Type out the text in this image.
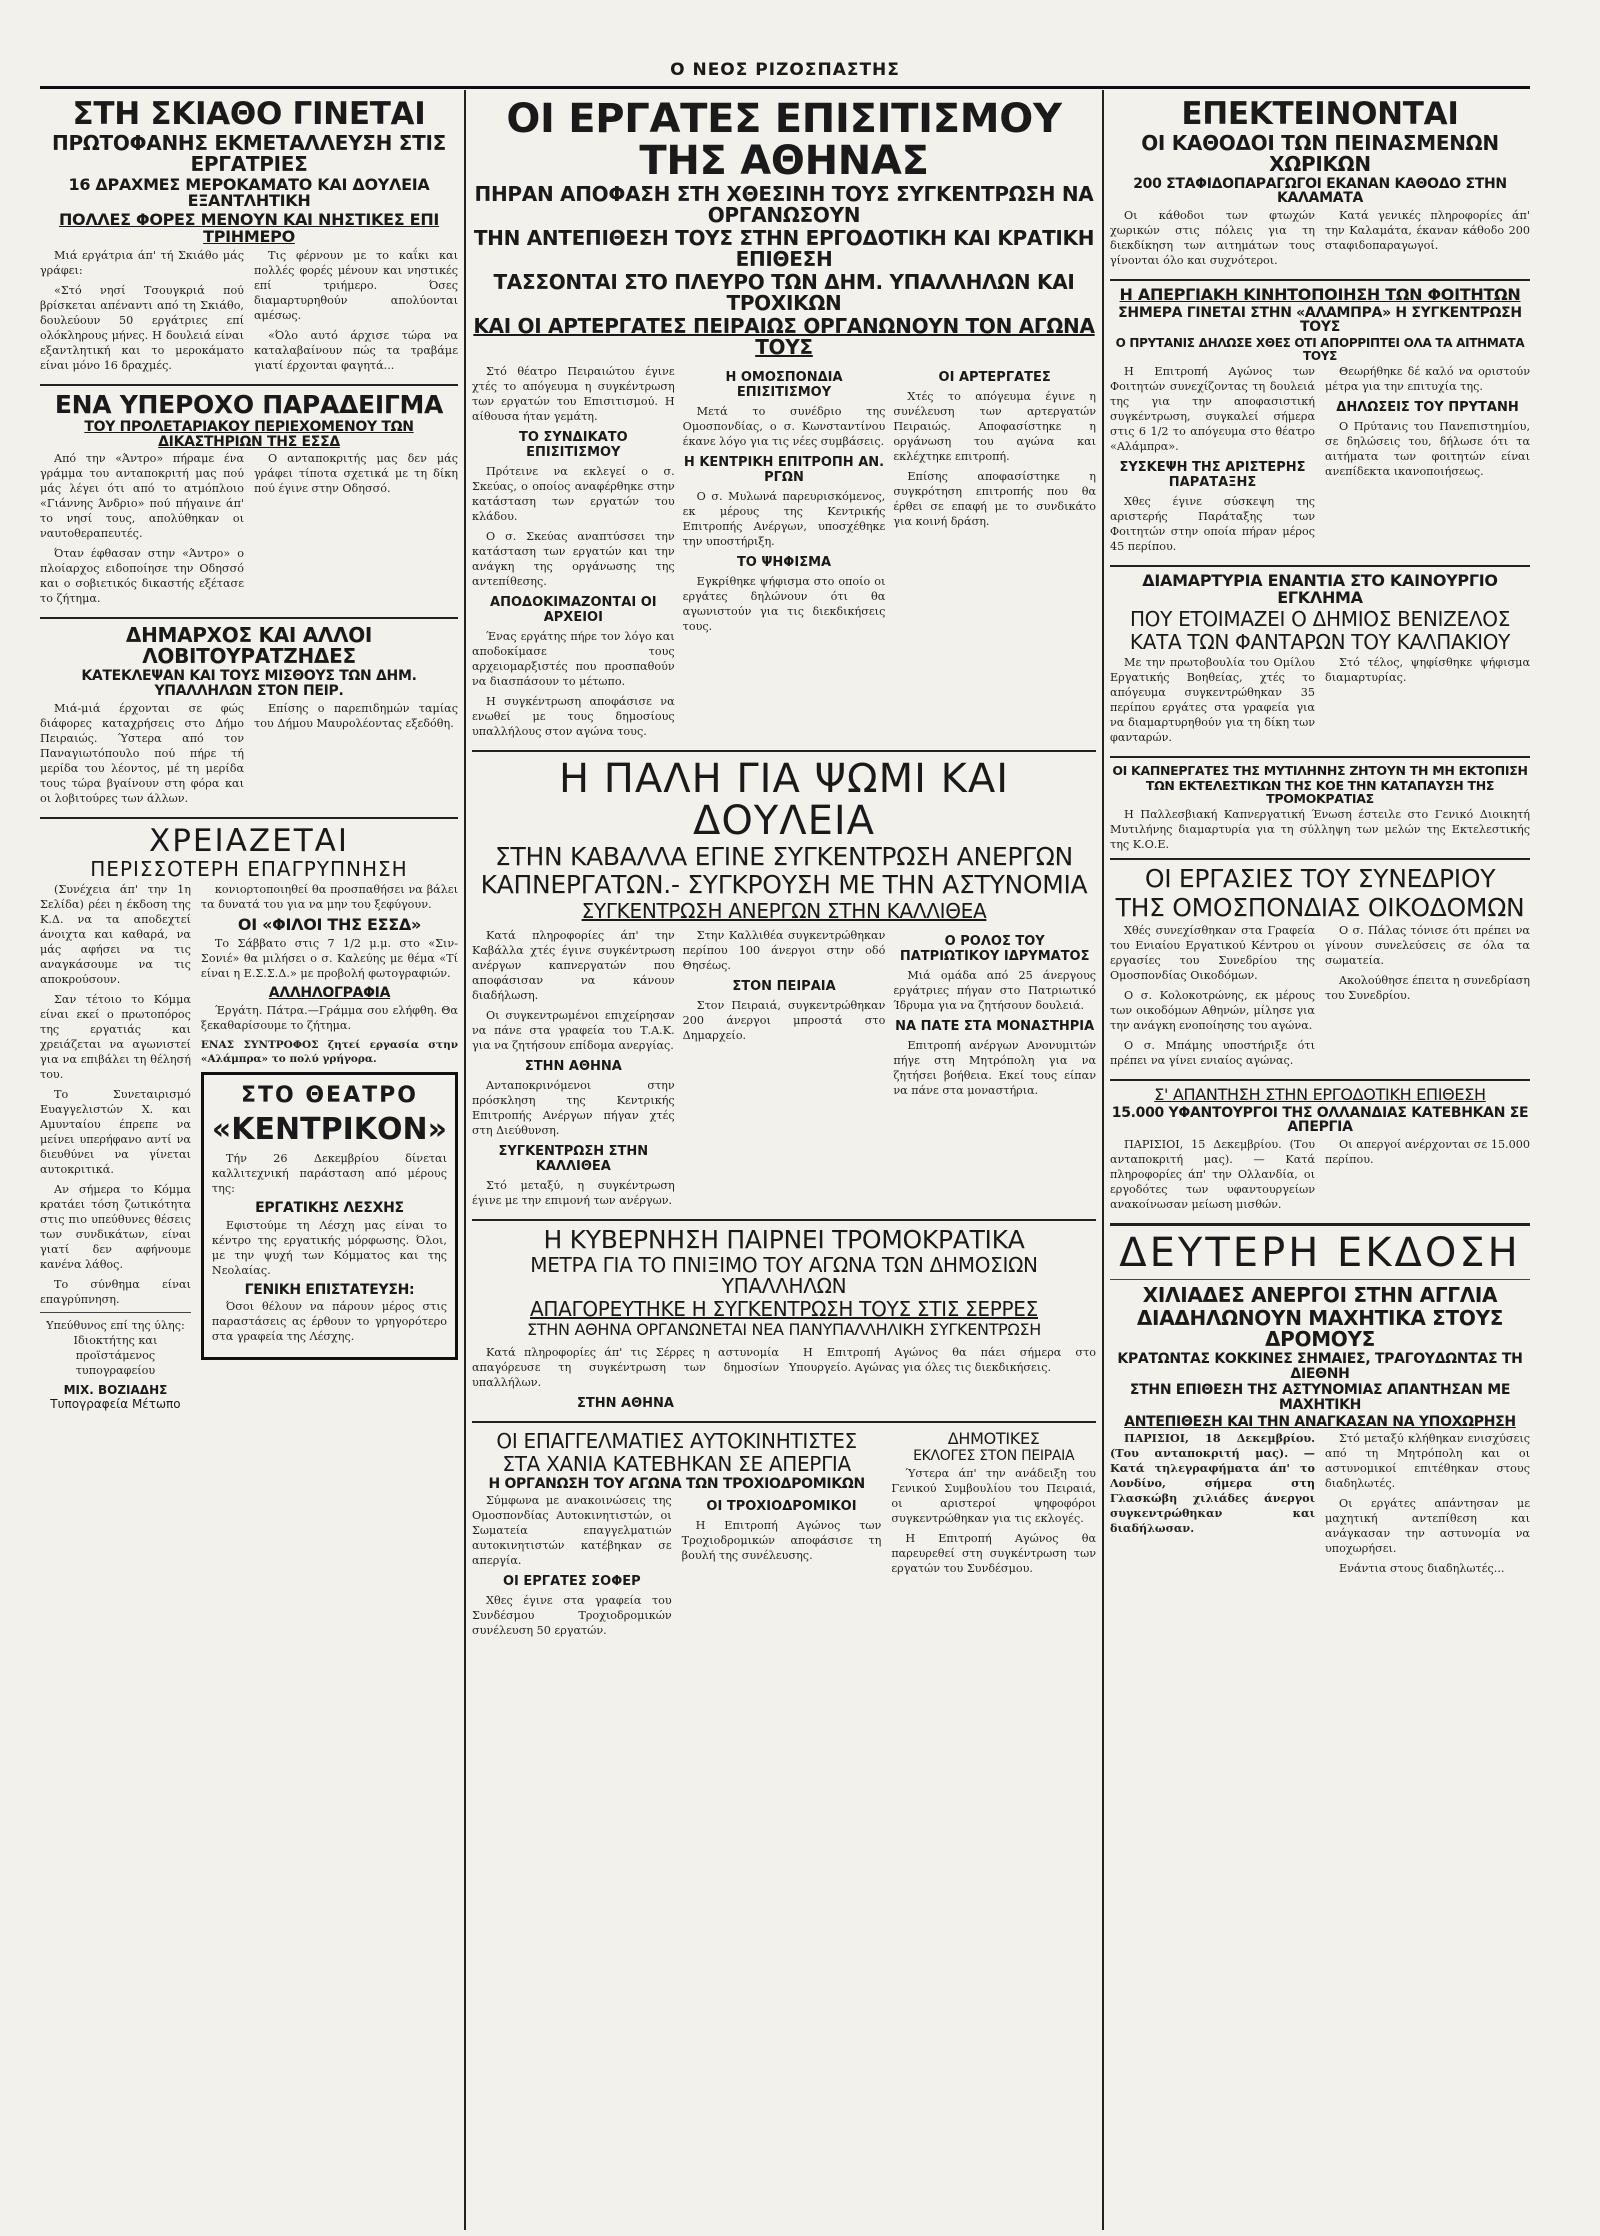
Ο ΝΕΟΣ ΡΙΖΟΣΠΑΣΤΗΣ
ΣΤΗ ΣΚΙΑΘΟ ΓΙΝΕΤΑΙ
ΠΡΩΤΟΦΑΝΗΣ ΕΚΜΕΤΑΛΛΕΥΣΗ ΣΤΙΣ ΕΡΓΑΤΡΙΕΣ
16 ΔΡΑΧΜΕΣ ΜΕΡΟΚΑΜΑΤΟ ΚΑΙ ΔΟΥΛΕΙΑ ΕΞΑΝΤΛΗΤΙΚΗ
ΠΟΛΛΕΣ ΦΟΡΕΣ ΜΕΝΟΥΝ ΚΑΙ ΝΗΣΤΙΚΕΣ ΕΠΙ ΤΡΙΗΜΕΡΟ

Μιά εργάτρια άπ' τή Σκιάθο μάς γράφει:

«Στό νησί Τσουγκριά πού βρίσκεται απέναντι από τη Σκιάθο, δουλεύουν 50 εργάτριες επί ολόκληρους μήνες. Η δουλειά είναι εξαντλητική και το μεροκάματο είναι μόνο 16 δραχμές.

Τις φέρνουν με το καΐκι και πολλές φορές μένουν και νηστικές επί τριήμερο. Όσες διαμαρτυρηθούν απολύονται αμέσως.

«Όλο αυτό άρχισε τώρα να καταλαβαίνουν πώς τα τραβάμε γιατί έρχονται φαγητά...

ΕΝΑ ΥΠΕΡΟΧΟ ΠΑΡΑΔΕΙΓΜΑ
ΤΟΥ ΠΡΟΛΕΤΑΡΙΑΚΟΥ ΠΕΡΙΕΧΟΜΕΝΟΥ ΤΩΝ ΔΙΚΑΣΤΗΡΙΩΝ ΤΗΣ ΕΣΣΔ

Από την «Άντρο» πήραμε ένα γράμμα του ανταποκριτή μας πού μάς λέγει ότι από το ατμόπλοιο «Γιάννης Άνδριο» πού πήγαινε άπ' το νησί τους, απολύθηκαν οι ναυτοθεραπευτές.

Όταν έφθασαν στην «Άντρο» ο πλοίαρχος ειδοποίησε την Οδησσό και ο σοβιετικός δικαστής εξέτασε το ζήτημα.

Ο ανταποκριτής μας δεν μάς γράφει τίποτα σχετικά με τη δίκη πού έγινε στην Οδησσό.

ΔΗΜΑΡΧΟΣ ΚΑΙ ΑΛΛΟΙ ΛΟΒΙΤΟΥΡΑΤΖΗΔΕΣ
ΚΑΤΕΚΛΕΨΑΝ ΚΑΙ ΤΟΥΣ ΜΙΣΘΟΥΣ ΤΩΝ ΔΗΜ. ΥΠΑΛΛΗΛΩΝ ΣΤΟΝ ΠΕΙΡ.

Μιά-μιά έρχονται σε φώς διάφορες καταχρήσεις στο Δήμο Πειραιώς. Ύστερα από τον Παναγιωτόπουλο πού πήρε τή μερίδα του λέοντος, μέ τη μερίδα τους τώρα βγαίνουν στη φόρα και οι λοβιτούρες των άλλων.

Επίσης ο παρεπιδημών ταμίας του Δήμου Μαυρολέοντας εξεδόθη.

ΧΡΕΙΑΖΕΤΑΙ
ΠΕΡΙΣΣΟΤΕΡΗ ΕΠΑΓΡΥΠΝΗΣΗ

(Συνέχεια άπ' την 1η Σελίδα) ρέει η έκδοση της Κ.Δ. να τα αποδεχτεί άνοιχτα και καθαρά, να μάς αφήσει να τις αναγκάσουμε να τις αποκρούσουν.

Σαν τέτοιο το Κόμμα είναι εκεί ο πρωτοπόρος της εργατιάς και χρειάζεται να αγωνιστεί για να επιβάλει τη θέλησή του.

Το Συνεταιρισμό Ευαγγελιστών Χ. και Αμυνταίου έπρεπε να μείνει υπερήφανο αντί να διευθύνει να γίνεται αυτοκριτικά.

Αν σήμερα το Κόμμα κρατάει τόση ζωτικότητα στις πιο υπεύθυνες θέσεις των συνδικάτων, είναι γιατί δεν αφήνουμε κανένα λάθος.

Το σύνθημα είναι επαγρύπνηση.

Υπεύθυνος επί της ύλης: Ιδιοκτήτης και προϊστάμενος τυπογραφείου

ΜΙΧ. ΒΟΖΙΑΔΗΣ
Τυπογραφεία Μέτωπο

κονιορτοποιηθεί θα προσπαθήσει να βάλει τα δυνατά του για να μην του ξεφύγουν.

ΟΙ «ΦΙΛΟΙ ΤΗΣ ΕΣΣΔ»

Το Σάββατο στις 7 1/2 μ.μ. στο «Σιν-Σονιέ» θα μιλήσει ο σ. Καλεύης με θέμα «Τί είναι η Ε.Σ.Σ.Δ.» με προβολή φωτογραφιών.

ΑΛΛΗΛΟΓΡΑΦΙΑ

Έργάτη. Πάτρα.—Γράμμα σου ελήφθη. Θα ξεκαθαρίσουμε το ζήτημα.

ΕΝΑΣ ΣΥΝΤΡΟΦΟΣ ζητεί εργασία στην «Αλάμπρα» το πολύ γρήγορα.

ΣΤΟ ΘΕΑΤΡΟ
«ΚΕΝΤΡΙΚΟΝ»

Τήν 26 Δεκεμβρίου δίνεται καλλιτεχνική παράσταση από μέρους της:

ΕΡΓΑΤΙΚΗΣ ΛΕΣΧΗΣ

Εφιστούμε τη Λέσχη μας είναι το κέντρο της εργατικής μόρφωσης. Όλοι, με την ψυχή των Κόμματος και της Νεολαίας.

ΓΕΝΙΚΗ ΕΠΙΣΤΑΤΕΥΣΗ:

Όσοι θέλουν να πάρουν μέρος στις παραστάσεις ας έρθουν το γρηγορότερο στα γραφεία της Λέσχης.

ΟΙ ΕΡΓΑΤΕΣ ΕΠΙΣΙΤΙΣΜΟΥ ΤΗΣ ΑΘΗΝΑΣ
ΠΗΡΑΝ ΑΠΟΦΑΣΗ ΣΤΗ ΧΘΕΣΙΝΗ ΤΟΥΣ ΣΥΓΚΕΝΤΡΩΣΗ ΝΑ ΟΡΓΑΝΩΣΟΥΝ
ΤΗΝ ΑΝΤΕΠΙΘΕΣΗ ΤΟΥΣ ΣΤΗΝ ΕΡΓΟΔΟΤΙΚΗ ΚΑΙ ΚΡΑΤΙΚΗ ΕΠΙΘΕΣΗ
ΤΑΣΣΟΝΤΑΙ ΣΤΟ ΠΛΕΥΡΟ ΤΩΝ ΔΗΜ. ΥΠΑΛΛΗΛΩΝ ΚΑΙ ΤΡΟΧΙΚΩΝ
ΚΑΙ ΟΙ ΑΡΤΕΡΓΑΤΕΣ ΠΕΙΡΑΙΩΣ ΟΡΓΑΝΩΝΟΥΝ ΤΟΝ ΑΓΩΝΑ ΤΟΥΣ

Στό θέατρο Πειραιώτου έγινε χτές το απόγευμα η συγκέντρωση των εργατών του Επισιτισμού. Η αίθουσα ήταν γεμάτη.

ΤΟ ΣΥΝΔΙΚΑΤΟ ΕΠΙΣΙΤΙΣΜΟΥ

Πρότεινε να εκλεγεί ο σ. Σκεύας, ο οποίος αναφέρθηκε στην κατάσταση των εργατών του κλάδου.

Ο σ. Σκεύας αναπτύσσει την κατάσταση των εργατών και την ανάγκη της οργάνωσης της αντεπίθεσης.

ΑΠΟΔΟΚΙΜΑΖΟΝΤΑΙ ΟΙ ΑΡΧΕΙΟΙ

Ένας εργάτης πήρε τον λόγο και αποδοκίμασε τους αρχειομαρξιστές που προσπαθούν να διασπάσουν το μέτωπο.

Η συγκέντρωση αποφάσισε να ενωθεί με τους δημοσίους υπαλλήλους στον αγώνα τους.

Η ΟΜΟΣΠΟΝΔΙΑ ΕΠΙΣΙΤΙΣΜΟΥ

Μετά το συνέδριο της Ομοσπονδίας, ο σ. Κωνσταντίνου έκανε λόγο για τις νέες συμβάσεις.

Η ΚΕΝΤΡΙΚΗ ΕΠΙΤΡΟΠΗ ΑΝ. ΡΓΩΝ

Ο σ. Μυλωνά παρευρισκόμενος, εκ μέρους της Κεντρικής Επιτροπής Ανέργων, υποσχέθηκε την υποστήριξη.

ΤΟ ΨΗΦΙΣΜΑ

Εγκρίθηκε ψήφισμα στο οποίο οι εργάτες δηλώνουν ότι θα αγωνιστούν για τις διεκδικήσεις τους.

ΟΙ ΑΡΤΕΡΓΑΤΕΣ

Χτές το απόγευμα έγινε η συνέλευση των αρτεργατών Πειραιώς. Αποφασίστηκε η οργάνωση του αγώνα και εκλέχτηκε επιτροπή.

Επίσης αποφασίστηκε η συγκρότηση επιτροπής που θα έρθει σε επαφή με το συνδικάτο για κοινή δράση.

Η ΠΑΛΗ ΓΙΑ ΨΩΜΙ ΚΑΙ ΔΟΥΛΕΙΑ
ΣΤΗΝ ΚΑΒΑΛΛΑ ΕΓΙΝΕ ΣΥΓΚΕΝΤΡΩΣΗ ΑΝΕΡΓΩΝ
ΚΑΠΝΕΡΓΑΤΩΝ.- ΣΥΓΚΡΟΥΣΗ ΜΕ ΤΗΝ ΑΣΤΥΝΟΜΙΑ
ΣΥΓΚΕΝΤΡΩΣΗ ΑΝΕΡΓΩΝ ΣΤΗΝ ΚΑΛΛΙΘΕΑ

Κατά πληροφορίες άπ' την Καβάλλα χτές έγινε συγκέντρωση ανέργων καπνεργατών που αποφάσισαν να κάνουν διαδήλωση.

Οι συγκεντρωμένοι επιχείρησαν να πάνε στα γραφεία του Τ.Α.Κ. για να ζητήσουν επίδομα ανεργίας.

ΣΤΗΝ ΑΘΗΝΑ

Ανταποκρινόμενοι στην πρόσκληση της Κεντρικής Επιτροπής Ανέργων πήγαν χτές στη Διεύθυνση.

ΣΥΓΚΕΝΤΡΩΣΗ ΣΤΗΝ ΚΑΛΛΙΘΕΑ

Στό μεταξύ, η συγκέντρωση έγινε με την επιμονή των ανέργων.

Στην Καλλιθέα συγκεντρώθηκαν περίπου 100 άνεργοι στην οδό Θησέως.

ΣΤΟΝ ΠΕΙΡΑΙΑ

Στον Πειραιά, συγκεντρώθηκαν 200 άνεργοι μπροστά στο Δημαρχείο.

Ο ΡΟΛΟΣ ΤΟΥ ΠΑΤΡΙΩΤΙΚΟΥ ΙΔΡΥΜΑΤΟΣ

Μιά ομάδα από 25 άνεργους εργάτριες πήγαν στο Πατριωτικό Ίδρυμα για να ζητήσουν δουλειά.

ΝΑ ΠΑΤΕ ΣΤΑ ΜΟΝΑΣΤΗΡΙΑ

Επιτροπή ανέργων Ανονυμιτών πήγε στη Μητρόπολη για να ζητήσει βοήθεια. Εκεί τους είπαν να πάνε στα μοναστήρια.

Η ΚΥΒΕΡΝΗΣΗ ΠΑΙΡΝΕΙ ΤΡΟΜΟΚΡΑΤΙΚΑ
ΜΕΤΡΑ ΓΙΑ ΤΟ ΠΝΙΞΙΜΟ ΤΟΥ ΑΓΩΝΑ ΤΩΝ ΔΗΜΟΣΙΩΝ ΥΠΑΛΛΗΛΩΝ
ΑΠΑΓΟΡΕΥΤΗΚΕ Η ΣΥΓΚΕΝΤΡΩΣΗ ΤΟΥΣ ΣΤΙΣ ΣΕΡΡΕΣ
ΣΤΗΝ ΑΘΗΝΑ ΟΡΓΑΝΩΝΕΤΑΙ ΝΕΑ ΠΑΝΥΠΑΛΛΗΛΙΚΗ ΣΥΓΚΕΝΤΡΩΣΗ

Κατά πληροφορίες άπ' τις Σέρρες η αστυνομία απαγόρευσε τη συγκέντρωση των δημοσίων υπαλλήλων.

ΣΤΗΝ ΑΘΗΝΑ

Η Επιτροπή Αγώνος θα πάει σήμερα στο Υπουργείο. Αγώνας για όλες τις διεκδικήσεις.

ΟΙ ΕΠΑΓΓΕΛΜΑΤΙΕΣ ΑΥΤΟΚΙΝΗΤΙΣΤΕΣ
ΣΤΑ ΧΑΝΙΑ ΚΑΤΕΒΗΚΑΝ ΣΕ ΑΠΕΡΓΙΑ
Η ΟΡΓΑΝΩΣΗ ΤΟΥ ΑΓΩΝΑ ΤΩΝ ΤΡΟΧΙΟΔΡΟΜΙΚΩΝ

Σύμφωνα με ανακοινώσεις της Ομοσπονδίας Αυτοκινητιστών, οι Σωματεία επαγγελματιών αυτοκινητιστών κατέβηκαν σε απεργία.

ΟΙ ΕΡΓΑΤΕΣ ΣΟΦΕΡ

Χθες έγινε στα γραφεία του Συνδέσμου Τροχιοδρομικών συνέλευση 50 εργατών.

ΟΙ ΤΡΟΧΙΟΔΡΟΜΙΚΟΙ

Η Επιτροπή Αγώνος των Τροχιοδρομικών αποφάσισε τη βουλή της συνέλευσης.

ΔΗΜΟΤΙΚΕΣ
ΕΚΛΟΓΕΣ ΣΤΟΝ ΠΕΙΡΑΙΑ

Ύστερα άπ' την ανάδειξη του Γενικού Συμβουλίου του Πειραιά, οι αριστεροί ψηφοφόροι συγκεντρώθηκαν για τις εκλογές.

Η Επιτροπή Αγώνος θα παρευρεθεί στη συγκέντρωση των εργατών του Συνδέσμου.

ΕΠΕΚΤΕΙΝΟΝΤΑΙ
ΟΙ ΚΑΘΟΔΟΙ ΤΩΝ ΠΕΙΝΑΣΜΕΝΩΝ ΧΩΡΙΚΩΝ
200 ΣΤΑΦΙΔΟΠΑΡΑΓΩΓΟΙ ΕΚΑΝΑΝ ΚΑΘΟΔΟ ΣΤΗΝ ΚΑΛΑΜΑΤΑ

Οι κάθοδοι των φτωχών χωρικών στις πόλεις για τη διεκδίκηση των αιτημάτων τους γίνονται όλο και συχνότεροι.

Κατά γενικές πληροφορίες άπ' την Καλαμάτα, έκαναν κάθοδο 200 σταφιδοπαραγωγοί.

Η ΑΠΕΡΓΙΑΚΗ ΚΙΝΗΤΟΠΟΙΗΣΗ ΤΩΝ ΦΟΙΤΗΤΩΝ
ΣΗΜΕΡΑ ΓΙΝΕΤΑΙ ΣΤΗΝ «ΑΛΑΜΠΡΑ» Η ΣΥΓΚΕΝΤΡΩΣΗ ΤΟΥΣ
Ο ΠΡΥΤΑΝΙΣ ΔΗΛΩΣΕ ΧΘΕΣ ΟΤΙ ΑΠΟΡΡΙΠΤΕΙ ΟΛΑ ΤΑ ΑΙΤΗΜΑΤΑ ΤΟΥΣ

Η Επιτροπή Αγώνος των Φοιτητών συνεχίζοντας τη δουλειά της για την αποφασιστική συγκέντρωση, συγκαλεί σήμερα στις 6 1/2 το απόγευμα στο θέατρο «Αλάμπρα».

ΣΥΣΚΕΨΗ ΤΗΣ ΑΡΙΣΤΕΡΗΣ ΠΑΡΑΤΑΞΗΣ

Χθες έγινε σύσκεψη της αριστερής Παράταξης των Φοιτητών στην οποία πήραν μέρος 45 περίπου.

Θεωρήθηκε δέ καλό να οριστούν μέτρα για την επιτυχία της.

ΔΗΛΩΣΕΙΣ ΤΟΥ ΠΡΥΤΑΝΗ

Ο Πρύτανις του Πανεπιστημίου, σε δηλώσεις του, δήλωσε ότι τα αιτήματα των φοιτητών είναι ανεπίδεκτα ικανοποιήσεως.

ΔΙΑΜΑΡΤΥΡΙΑ ΕΝΑΝΤΙΑ ΣΤΟ ΚΑΙΝΟΥΡΓΙΟ ΕΓΚΛΗΜΑ
ΠΟΥ ΕΤΟΙΜΑΖΕΙ Ο ΔΗΜΙΟΣ ΒΕΝΙΖΕΛΟΣ
ΚΑΤΑ ΤΩΝ ΦΑΝΤΑΡΩΝ ΤΟΥ ΚΑΛΠΑΚΙΟΥ

Με την πρωτοβουλία του Ομίλου Εργατικής Βοηθείας, χτές το απόγευμα συγκεντρώθηκαν 35 περίπου εργάτες στα γραφεία για να διαμαρτυρηθούν για τη δίκη των φανταρών.

Στό τέλος, ψηφίσθηκε ψήφισμα διαμαρτυρίας.

ΟΙ ΚΑΠΝΕΡΓΑΤΕΣ ΤΗΣ ΜΥΤΙΛΗΝΗΣ ΖΗΤΟΥΝ ΤΗ ΜΗ ΕΚΤΟΠΙΣΗ
ΤΩΝ ΕΚΤΕΛΕΣΤΙΚΩΝ ΤΗΣ ΚΟΕ ΤΗΝ ΚΑΤΑΠΑΥΣΗ ΤΗΣ ΤΡΟΜΟΚΡΑΤΙΑΣ

Η Παλλεσβιακή Καπνεργατική Ένωση έστειλε στο Γενικό Διοικητή Μυτιλήνης διαμαρτυρία για τη σύλληψη των μελών της Εκτελεστικής της Κ.Ο.Ε.

ΟΙ ΕΡΓΑΣΙΕΣ ΤΟΥ ΣΥΝΕΔΡΙΟΥ
ΤΗΣ ΟΜΟΣΠΟΝΔΙΑΣ ΟΙΚΟΔΟΜΩΝ

Χθές συνεχίσθηκαν στα Γραφεία του Ενιαίου Εργατικού Κέντρου οι εργασίες του Συνεδρίου της Ομοσπονδίας Οικοδόμων.

Ο σ. Κολοκοτρώνης, εκ μέρους των οικοδόμων Αθηνών, μίλησε για την ανάγκη ενοποίησης του αγώνα.

Ο σ. Μπάμης υποστήριξε ότι πρέπει να γίνει ενιαίος αγώνας.

Ο σ. Πάλας τόνισε ότι πρέπει να γίνουν συνελεύσεις σε όλα τα σωματεία.

Ακολούθησε έπειτα η συνεδρίαση του Συνεδρίου.

Σ' ΑΠΑΝΤΗΣΗ ΣΤΗΝ ΕΡΓΟΔΟΤΙΚΗ ΕΠΙΘΕΣΗ
15.000 ΥΦΑΝΤΟΥΡΓΟΙ ΤΗΣ ΟΛΛΑΝΔΙΑΣ ΚΑΤΕΒΗΚΑΝ ΣΕ ΑΠΕΡΓΙΑ

ΠΑΡΙΣΙΟΙ, 15 Δεκεμβρίου. (Του ανταποκριτή μας). — Κατά πληροφορίες άπ' την Ολλανδία, οι εργοδότες των υφαντουργείων ανακοίνωσαν μείωση μισθών.

Οι απεργοί ανέρχονται σε 15.000 περίπου.

ΔΕΥΤΕΡΗ ΕΚΔΟΣΗ
ΧΙΛΙΑΔΕΣ ΑΝΕΡΓΟΙ ΣΤΗΝ ΑΓΓΛΙΑ
ΔΙΑΔΗΛΩΝΟΥΝ ΜΑΧΗΤΙΚΑ ΣΤΟΥΣ ΔΡΟΜΟΥΣ
ΚΡΑΤΩΝΤΑΣ ΚΟΚΚΙΝΕΣ ΣΗΜΑΙΕΣ, ΤΡΑΓΟΥΔΩΝΤΑΣ ΤΗ ΔΙΕΘΝΗ
ΣΤΗΝ ΕΠΙΘΕΣΗ ΤΗΣ ΑΣΤΥΝΟΜΙΑΣ ΑΠΑΝΤΗΣΑΝ ΜΕ ΜΑΧΗΤΙΚΗ
ΑΝΤΕΠΙΘΕΣΗ ΚΑΙ ΤΗΝ ΑΝΑΓΚΑΣΑΝ ΝΑ ΥΠΟΧΩΡΗΣΗ

ΠΑΡΙΣΙΟΙ, 18 Δεκεμβρίου. (Του ανταποκριτή μας). — Κατά τηλεγραφήματα άπ' το Λονδίνο, σήμερα στη Γλασκώβη χιλιάδες άνεργοι συγκεντρώθηκαν και διαδήλωσαν.

Στό μεταξύ κλήθηκαν ενισχύσεις από τη Μητρόπολη και οι αστυνομικοί επιτέθηκαν στους διαδηλωτές.

Οι εργάτες απάντησαν με μαχητική αντεπίθεση και ανάγκασαν την αστυνομία να υποχωρήσει.

Ενάντια στους διαδηλωτές...
